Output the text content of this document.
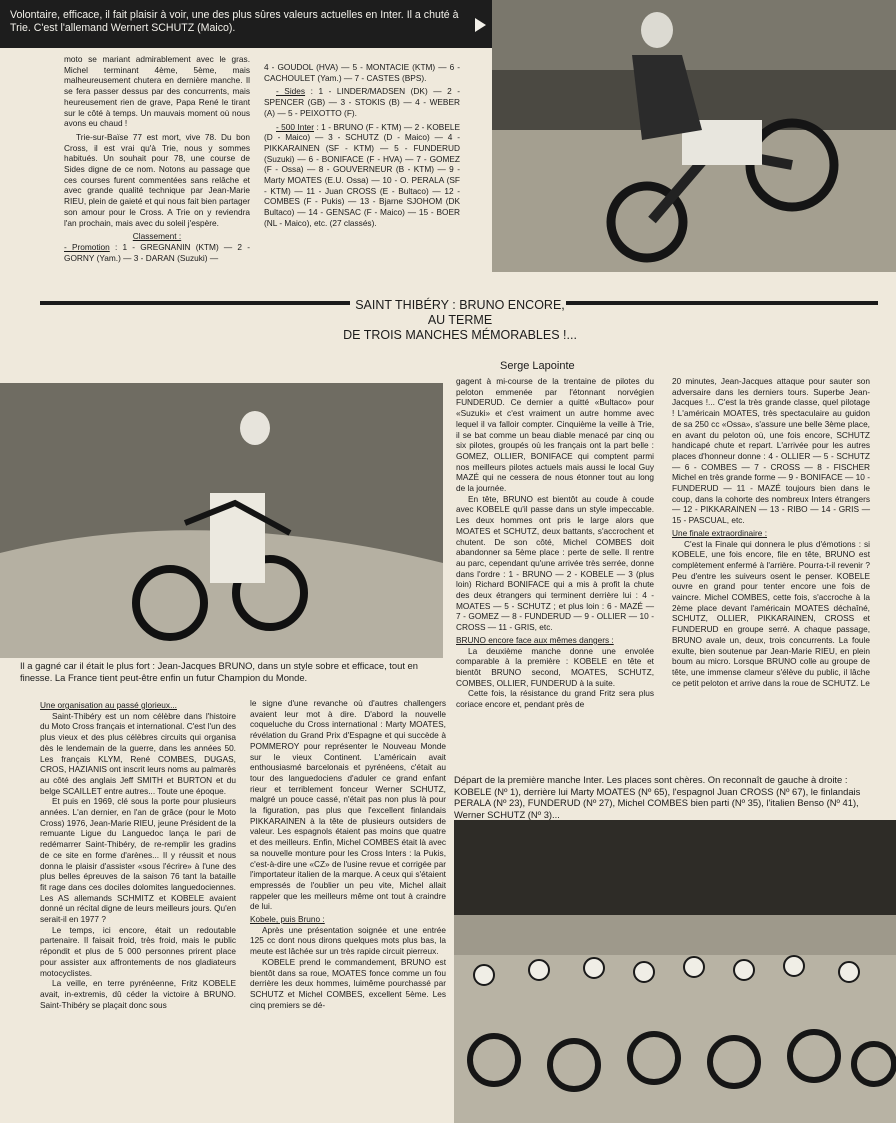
Volontaire, efficace, il fait plaisir à voir, une des plus sûres valeurs actuelles en Inter. Il a chuté à Trie. C'est l'allemand Wernert SCHUTZ (Maico).

moto se mariant admirablement avec le gras. Michel terminant 4ème, 5ème, mais malheureusement chutera en dernière manche. Il se fera passer dessus par des concurrents, mais heureusement rien de grave, Papa René le tirant sur le côté à temps. Un mauvais moment où nous avons eu chaud !

Trie-sur-Baïse 77 est mort, vive 78. Du bon Cross, il est vrai qu'à Trie, nous y sommes habitués. Un souhait pour 78, une course de Sides digne de ce nom. Notons au passage que ces courses furent commentées sans relâche et avec grande qualité technique par Jean-Marie RIEU, plein de gaieté et qui nous fait bien partager son amour pour le Cross. A Trie on y reviendra l'an prochain, mais avec du soleil j'espère.

Classement :

- Promotion : 1 - GREGNANIN (KTM) — 2 - GORNY (Yam.) — 3 - DARAN (Suzuki) —

4 - GOUDOL (HVA) — 5 - MONTACIE (KTM) — 6 - CACHOULET (Yam.) — 7 - CASTES (BPS).

- Sides : 1 - LINDER/MADSEN (DK) — 2 - SPENCER (GB) — 3 - STOKIS (B) — 4 - WEBER (A) — 5 - PEIXOTTO (F).

- 500 Inter : 1 - BRUNO (F - KTM) — 2 - KOBELE (D - Maico) — 3 - SCHUTZ (D - Maico) — 4 - PIKKARAINEN (SF - KTM) — 5 - FUNDERUD (Suzuki) — 6 - BONIFACE (F - HVA) — 7 - GOMEZ (F - Ossa) — 8 - GOUVERNEUR (B - KTM) — 9 - Marty MOATES (E.U. Ossa) — 10 - O. PERALA (SF - KTM) — 11 - Juan CROSS (E - Bultaco) — 12 - COMBES (F - Pukis) — 13 - Bjarne SJOHOM (DK Bultaco) — 14 - GENSAC (F - Maico) — 15 - BOER (NL - Maico), etc. (27 classés).

SAINT THIBÉRY : BRUNO ENCORE,
AU TERME
DE TROIS MANCHES MÉMORABLES !...
Serge Lapointe
Il a gagné car il était le plus fort : Jean-Jacques BRUNO, dans un style sobre et efficace, tout en finesse. La France tient peut-être enfin un futur Champion du Monde.

gagent à mi-course de la trentaine de pilotes du peloton emmenée par l'étonnant norvégien FUNDERUD. Ce dernier a quitté «Bultaco» pour «Suzuki» et c'est vraiment un autre homme avec lequel il va falloir compter. Cinquième la veille à Trie, il se bat comme un beau diable menacé par cinq ou six pilotes, groupés où les français ont la part belle : GOMEZ, OLLIER, BONIFACE qui comptent parmi nos meilleurs pilotes actuels mais aussi le local Guy MAZÉ qui ne cessera de nous étonner tout au long de la journée.

En tête, BRUNO est bientôt au coude à coude avec KOBELE qu'il passe dans un style impeccable. Les deux hommes ont pris le large alors que MOATES et SCHUTZ, deux battants, s'accrochent et chutent. De son côté, Michel COMBES doit abandonner sa 5ème place : perte de selle. Il rentre au parc, cependant qu'une arrivée très serrée, donne dans l'ordre : 1 - BRUNO — 2 - KOBELE — 3 (plus loin) Richard BONIFACE qui a mis à profit la chute des deux étrangers qui terminent derrière lui : 4 - MOATES — 5 - SCHUTZ ; et plus loin : 6 - MAZÉ — 7 - GOMEZ — 8 - FUNDERUD — 9 - OLLIER — 10 - CROSS — 11 - GRIS, etc.

BRUNO encore face aux mêmes dangers :

La deuxième manche donne une envolée comparable à la première : KOBELE en tête et bientôt BRUNO second, MOATES, SCHUTZ, COMBES, OLLIER, FUNDERUD à la suite.

Cette fois, la résistance du grand Fritz sera plus coriace encore et, pendant près de

20 minutes, Jean-Jacques attaque pour sauter son adversaire dans les derniers tours. Superbe Jean-Jacques !... C'est la très grande classe, quel pilotage ! L'américain MOATES, très spectaculaire au guidon de sa 250 cc «Ossa», s'assure une belle 3ème place, en avant du peloton où, une fois encore, SCHUTZ handicapé chute et repart. L'arrivée pour les autres places d'honneur donne : 4 - OLLIER — 5 - SCHUTZ — 6 - COMBES — 7 - CROSS — 8 - FISCHER Michel en très grande forme — 9 - BONIFACE — 10 - FUNDERUD — 11 - MAZÉ toujours bien dans le coup, dans la cohorte des nombreux Inters étrangers — 12 - PIKKARAINEN — 13 - RIBO — 14 - GRIS — 15 - PASCUAL, etc.

Une finale extraordinaire :

C'est la Finale qui donnera le plus d'émotions : si KOBELE, une fois encore, file en tête, BRUNO est complètement enfermé à l'arrière. Pourra-t-il revenir ? Peu d'entre les suiveurs osent le penser. KOBELE ouvre en grand pour tenter encore une fois de vaincre. Michel COMBES, cette fois, s'accroche à la 2ème place devant l'américain MOATES déchaîné, SCHUTZ, OLLIER, PIKKARAINEN, CROSS et FUNDERUD en groupe serré. A chaque passage, BRUNO avale un, deux, trois concurrents. La foule exulte, bien soutenue par Jean-Marie RIEU, en plein boum au micro. Lorsque BRUNO colle au groupe de tête, une immense clameur s'élève du public, il lâche ce petit peloton et arrive dans la roue de SCHUTZ. Le

Une organisation au passé glorieux...

Saint-Thibéry est un nom célèbre dans l'histoire du Moto Cross français et international. C'est l'un des plus vieux et des plus célèbres circuits qui organisa dès le lendemain de la guerre, dans les années 50. Les français KLYM, René COMBES, DUGAS, CROS, HAZIANIS ont inscrit leurs noms au palmarès au côté des anglais Jeff SMITH et BURTON et du belge SCAILLET entre autres... Toute une époque.

Et puis en 1969, clé sous la porte pour plusieurs années. L'an dernier, en l'an de grâce (pour le Moto Cross) 1976, Jean-Marie RIEU, jeune Président de la remuante Ligue du Languedoc lança le pari de redémarrer Saint-Thibéry, de re-remplir les gradins de ce site en forme d'arènes... Il y réussit et nous donna le plaisir d'assister «sous l'écrire» à l'une des plus belles épreuves de la saison 76 tant la bataille fit rage dans ces dociles dolomites languedociennes. Les AS allemands SCHMITZ et KOBELE avaient donné un récital digne de leurs meilleurs jours. Qu'en serait-il en 1977 ?

Le temps, ici encore, était un redoutable partenaire. Il faisait froid, très froid, mais le public répondit et plus de 5 000 personnes prirent place pour assister aux affrontements de nos gladiateurs motocyclistes.

La veille, en terre pyrénéenne, Fritz KOBELE avait, in-extremis, dû céder la victoire à BRUNO. Saint-Thibéry se plaçait donc sous

le signe d'une revanche où d'autres challengers avaient leur mot à dire. D'abord la nouvelle coqueluche du Cross international : Marty MOATES, révélation du Grand Prix d'Espagne et qui succède à POMMEROY pour représenter le Nouveau Monde sur le vieux Continent. L'américain avait enthousiasmé barcelonais et pyrénéens, c'était au tour des languedociens d'aduler ce grand enfant rieur et terriblement fonceur Werner SCHUTZ, malgré un pouce cassé, n'était pas non plus là pour la figuration, pas plus que l'excellent finlandais PIKKARAINEN à la tête de plusieurs outsiders de valeur. Les espagnols étaient pas moins que quatre et des meilleurs. Enfin, Michel COMBES était là avec sa nouvelle monture pour les Cross Inters : la Pukis, c'est-à-dire une «CZ» de l'usine revue et corrigée par l'importateur italien de la marque. A ceux qui s'étaient empressés de l'oublier un peu vite, Michel allait rappeler que les meilleurs même ont tout à craindre de lui.

Kobele, puis Bruno :

Après une présentation soignée et une entrée 125 cc dont nous dirons quelques mots plus bas, la meute est lâchée sur un très rapide circuit pierreux.

KOBELE prend le commandement, BRUNO est bientôt dans sa roue, MOATES fonce comme un fou derrière les deux hommes, luimême pourchassé par SCHUTZ et Michel COMBES, excellent 5ème. Les cinq premiers se dé-

Départ de la première manche Inter. Les places sont chères. On reconnaît de gauche à droite : KOBELE (Nº 1), derrière lui Marty MOATES (Nº 65), l'espagnol Juan CROSS (Nº 67), le finlandais PERALA (Nº 23), FUNDERUD (Nº 27), Michel COMBES bien parti (Nº 35), l'italien Benso (Nº 41), Werner SCHUTZ (Nº 3)...
